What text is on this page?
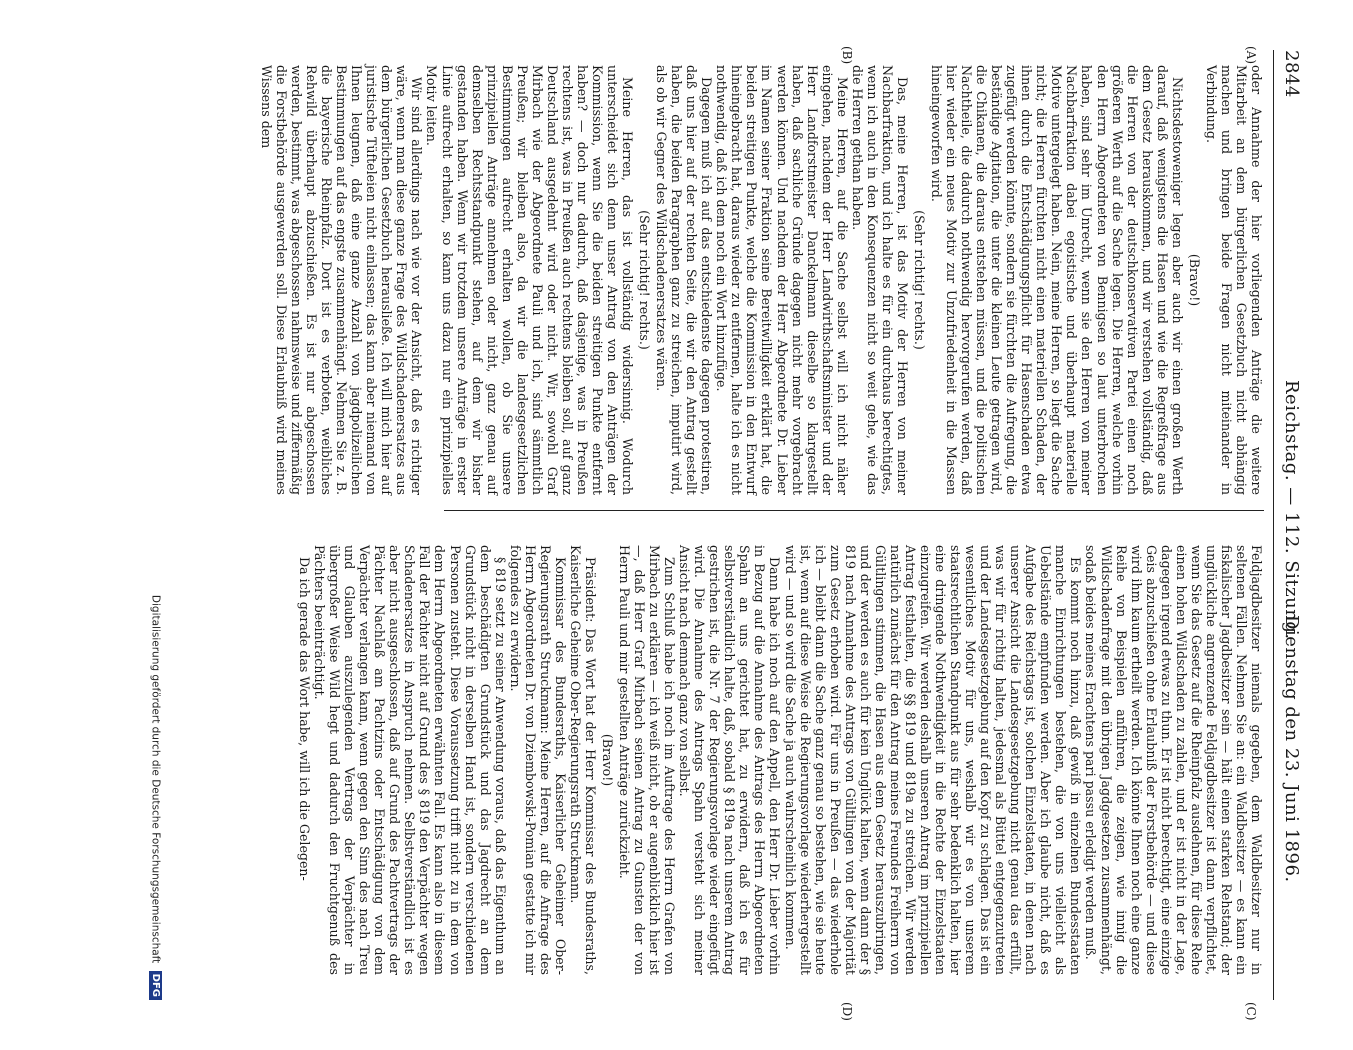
2844
Reichstag. — 112. Sitzung.
Dienstag den 23. Juni 1896.
(A)
(B)
(C)
(D)

oder Annahme der hier vorliegenden Anträge die weitere Mitarbeit an dem bürgerlichen Gesetzbuch nicht abhängig machen und bringen beide Fragen nicht miteinander in Verbindung.

(Bravo!)

Nichtsdestoweniger legen aber auch wir einen großen Werth darauf, daß wenigstens die Hasen und wie die Regreßfrage aus dem Gesetz herauskommen, und wir verstehen vollständig, daß die Herren von der deutschkonservativen Partei einen noch größeren Werth auf die Sache legen. Die Herren, welche vorhin den Herrn Abgeordneten von Bennigsen so laut unterbrochen haben, sind sehr im Unrecht, wenn sie den Herren von meiner Nachbarfraktion dabei egoistische und überhaupt materielle Motive untergelegt haben. Nein, meine Herren, so liegt die Sache nicht; die Herren fürchten nicht einen materiellen Schaden, der ihnen durch die Entschädigungspflicht für Hasenschaden etwa zugefügt werden könnte, sondern sie fürchten die Aufregung, die beständige Agitation, die unter die kleinen Leute getragen wird, die Chikanen, die daraus entstehen müssen, und die politischen Nachtheile, die dadurch nothwendig hervorgerufen werden, daß hier wieder ein neues Motiv zur Unzufriedenheit in die Massen hineingeworfen wird.

(Sehr richtig! rechts.)

Das, meine Herren, ist das Motiv der Herren von meiner Nachbarfraktion, und ich halte es für ein durchaus berechtigtes, wenn ich auch in den Konsequenzen nicht so weit gehe, wie das die Herren gethan haben.

Meine Herren, auf die Sache selbst will ich nicht näher eingehen, nachdem der Herr Landwirthschaftsminister und der Herr Landforstmeister Danckelmann dieselbe so klargestellt haben, daß sachliche Gründe dagegen nicht mehr vorgebracht werden können. Und nachdem der Herr Abgeordnete Dr. Lieber im Namen seiner Fraktion seine Bereitwilligkeit erklärt hat, die beiden streitigen Punkte, welche die Kommission in den Entwurf hineingebracht hat, daraus wieder zu entfernen, halte ich es nicht nothwendig, daß ich dem noch ein Wort hinzufüge.

Dagegen muß ich auf das entschiedenste dagegen protestiren, daß uns hier auf der rechten Seite, die wir den Antrag gestellt haben, die beiden Paragraphen ganz zu streichen, imputirt wird, als ob wir Gegner des Wildschadenersatzes wären.

(Sehr richtig! rechts.)

Meine Herren, das ist vollständig widersinnig. Wodurch unterscheidet sich denn unser Antrag von den Anträgen der Kommission, wenn Sie die beiden streitigen Punkte entfernt haben? — doch nur dadurch, daß dasjenige, was in Preußen rechtens ist, was in Preußen auch rechtens bleiben soll, auf ganz Deutschland ausgedehnt wird oder nicht. Wir, sowohl Graf Mirbach wie der Abgeordnete Pauli und ich, sind sämmtlich Preußen; wir bleiben also, da wir die landesgesetzlichen Bestimmungen aufrecht erhalten wollen, ob Sie unsere prinzipiellen Anträge annehmen oder nicht, ganz genau auf demselben Rechtsstandpunkt stehen, auf dem wir bisher gestanden haben. Wenn wir trotzdem unsere Anträge in erster Linie aufrecht erhalten, so kann uns dazu nur ein prinzipielles Motiv leiten.

Wir sind allerdings nach wie vor der Ansicht, daß es richtiger wäre, wenn man diese ganze Frage des Wildschadenersatzes aus dem bürgerlichen Gesetzbuch herausließe. Ich will mich hier auf juristische Tüfteleien nicht einlassen; das kann aber niemand von Ihnen leugnen, daß eine ganze Anzahl von jagdpolizeilichen Bestimmungen auf das engste zusammenhängt. Nehmen Sie z. B. die bayerische Rheinpfalz. Dort ist es verboten, weibliches Rehwild überhaupt abzuschießen. Es ist nur abgeschossen werden, bestimmt, was abgeschossen nahmsweise und ziffermäßig die Forstbehörde ausgewerden soll. Diese Erlaubniß wird meines Wissens dem

Feldjagdbesitzer niemals gegeben, dem Waldbesitzer nur in seltenen Fällen. Nehmen Sie an: ein Waldbesitzer — es kann ein fiskalischer Jagdbesitzer sein — hält einen starken Rehstand; der unglückliche angrenzende Feldjagdbesitzer ist dann verpflichtet, wenn Sie das Gesetz auf die Rheinpfalz ausdehnen, für diese Rehe einen hohen Wildschaden zu zahlen, und er ist nicht in der Lage, dagegen irgend etwas zu thun. Er ist nicht berechtigt, eine einzige Geis abzuschießen ohne Erlaubniß der Forstbehörde — und diese wird ihm kaum ertheilt werden. Ich könnte Ihnen noch eine ganze Reihe von Beispielen anführen, die zeigen, wie innig die Wildschadenfrage mit den übrigen Jagdgesetzen zusammenhängt, sodaß beides meines Erachtens pari passu erledigt werden muß.

Es kommt noch hinzu, daß gewiß in einzelnen Bundesstaaten manche Einrichtungen bestehen, die von uns vielleicht als Uebelstände empfunden werden. Aber ich glaube nicht, daß es Aufgabe des Reichstags ist, solchen Einzelstaaten, in denen nach unserer Ansicht die Landesgesetzgebung nicht genau das erfüllt, was wir für richtig halten, jedesmal als Büttel entgegenzutreten und der Landesgesetzgebung auf den Kopf zu schlagen. Das ist ein wesentliches Motiv für uns, weshalb wir es von unserem staatsrechtlichen Standpunkt aus für sehr bedenklich halten, hier eine dringende Nothwendigkeit in die Rechte der Einzelstaaten einzugreifen. Wir werden deshalb unseren Antrag im prinzipiellen Antrag festhalten, die §§ 819 und 819a zu streichen. Wir werden natürlich zunächst für den Antrag meines Freundes Freiherrn von Gültlingen stimmen, die Hasen aus dem Gesetz herauszubringen, und der werden es auch für kein Unglück halten, wenn dann der § 819 nach Annahme des Antrags von Gültlingen von der Majorität zum Gesetz erhoben wird. Für uns in Preußen — das wiederhole ich — bleibt dann die Sache ganz genau so bestehen, wie sie heute ist, wenn auf diese Weise die Regierungsvorlage wiederhergestellt wird — und so wird die Sache ja auch wahrscheinlich kommen.

Dann habe ich noch auf den Appell, den Herr Dr. Lieber vorhin in Bezug auf die Annahme des Antrags des Herrn Abgeordneten Spahn an uns gerichtet hat, zu erwidern, daß ich es für selbstverständlich halte, daß, sobald § 819a nach unserem Antrag gestrichen ist, die Nr. 7 der Regierungsvorlage wieder eingefügt wird. Die Annahme des Antrags Spahn versteht sich meiner Ansicht nach demnach ganz von selbst.

Zum Schluß habe ich noch im Auftrage des Herrn Grafen von Mirbach zu erklären — ich weiß nicht, ob er augenblicklich hier ist —, daß Herr Graf Mirbach seinen Antrag zu Gunsten der von Herrn Pauli und mir gestellten Anträge zurückzieht.

(Bravo!)

Präsident: Das Wort hat der Herr Kommissar des Bundesraths, Kaiserliche Geheime Ober-Regierungsrath Struckmann.

Kommissar des Bundesraths, Kaiserlicher Geheimer Ober-Regierungsrath Struckmann: Meine Herren, auf die Anfrage des Herrn Abgeordneten Dr. von Dziembowski-Pomian gestatte ich mir folgendes zu erwidern.

§ 819 setzt zu seiner Anwendung voraus, daß das Eigenthum an dem beschädigten Grundstück und das Jagdrecht an dem Grundstück nicht in derselben Hand ist, sondern verschiedenen Personen zusteht. Diese Voraussetzung trifft nicht zu in dem von dem Herrn Abgeordneten erwähnten Fall. Es kann also in diesem Fall der Pächter nicht auf Grund des § 819 den Verpächter wegen Schadenersatzes in Anspruch nehmen. Selbstverständlich ist es aber nicht ausgeschlossen, daß auf Grund des Pachtvertrags der Pächter Nachlaß am Pachtzins oder Entschädigung von dem Verpächter verlangen kann, wenn gegen den Sinn des nach Treu und Glauben auszulegenden Vertrags der Verpächter in übergroßer Weise Wild hegt und dadurch den Fruchtgenuß des Pächters beeinträchtigt.

Da ich gerade das Wort habe, will ich die Gelegen-

Digitalisierung gefördert durch die Deutsche Forschungsgemeinschaft DFG
